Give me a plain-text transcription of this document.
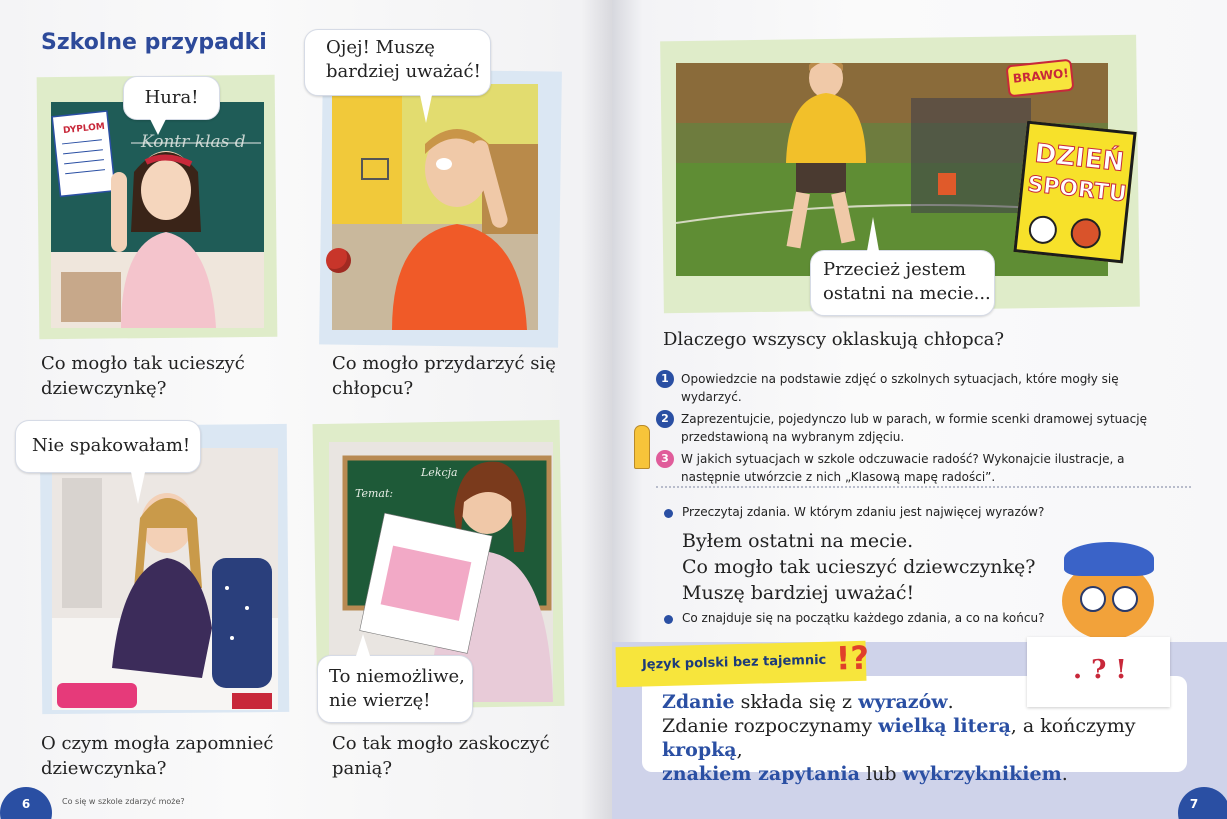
Szkolne przypadki
DYPLOM
Kontr klas d
Hura!

Co mogło tak ucieszyć
dziewczynkę?

Ojej! Muszę
bardziej uważać!

Co mogło przydarzyć się
chłopcu?

Nie spakowałam!

O czym mogła zapomnieć
dziewczynka?

Lekcja
Temat:
To niemożliwe,
nie wierzę!

Co tak mogło zaskoczyć
panią?

6	Co się w szkole zdarzyć może?
BRAWO!
DZIEŃ
SPORTU
Przecież jestem
ostatni na mecie...

Dlaczego wszyscy oklaskują chłopca?

1	Opowiedzcie na podstawie zdjęć o szkolnych sytuacjach, które mogły się wydarzyć.
2	Zaprezentujcie, pojedynczo lub w parach, w formie scenki dramowej sytuację przedstawioną na wybranym zdjęciu.
3	W jakich sytuacjach w szkole odczuwacie radość? Wykonajcie ilustracje, a następnie utwórzcie z nich „Klasową mapę radości”.
Przeczytaj zdania. W którym zdaniu jest najwięcej wyrazów?
Byłem ostatni na mecie.
Co mogło tak ucieszyć dziewczynkę?
Muszę bardziej uważać!
Co znajduje się na początku każdego zdania, a co na końcu?
Język polski bez tajemnic !?	. ? !
Zdanie składa się z wyrazów.
Zdanie rozpoczynamy wielką literą, a kończymy kropką,
znakiem zapytania lub wykrzyknikiem.
7
